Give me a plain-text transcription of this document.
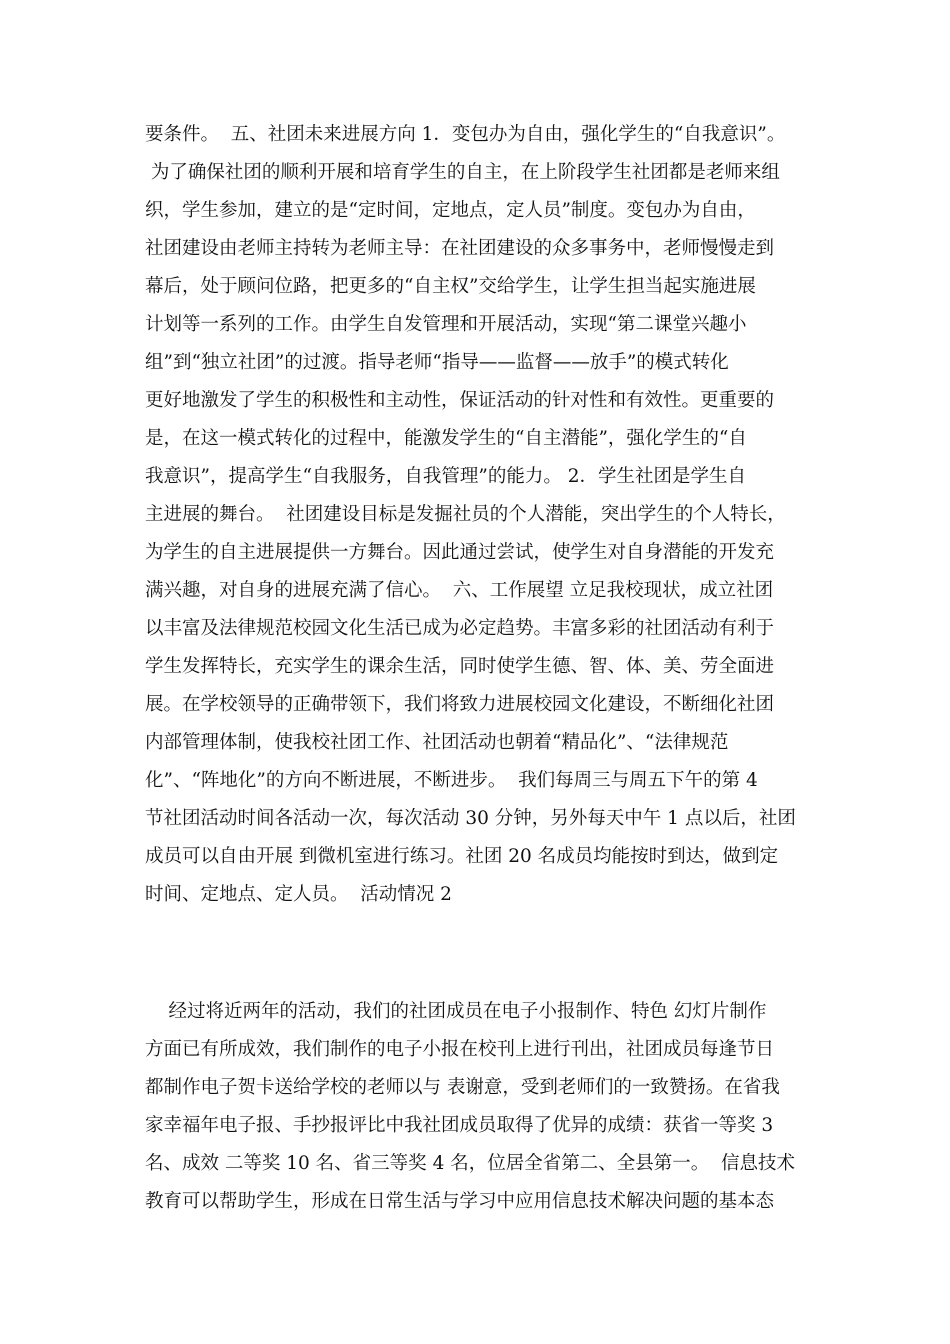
要条件。  五、社团未来进展方向 1．变包办为自由，强化学生的“自我意识”。
为了确保社团的顺利开展和培育学生的自主，在上阶段学生社团都是老师来组
织，学生参加，建立的是“定时间，定地点，定人员”制度。变包办为自由，
社团建设由老师主持转为老师主导：在社团建设的众多事务中，老师慢慢走到
幕后，处于顾问位路，把更多的“自主权”交给学生，让学生担当起实施进展
计划等一系列的工作。由学生自发管理和开展活动，实现“第二课堂兴趣小
组”到“独立社团”的过渡。指导老师“指导——监督——放手”的模式转化
更好地激发了学生的积极性和主动性，保证活动的针对性和有效性。更重要的
是，在这一模式转化的过程中，能激发学生的“自主潜能”，强化学生的“自
我意识”，提高学生“自我服务，自我管理”的能力。 2．学生社团是学生自
主进展的舞台。  社团建设目标是发掘社员的个人潜能，突出学生的个人特长，
为学生的自主进展提供一方舞台。因此通过尝试，使学生对自身潜能的开发充
满兴趣，对自身的进展充满了信心。  六、工作展望 立足我校现状，成立社团
以丰富及法律规范校园文化生活已成为必定趋势。丰富多彩的社团活动有利于
学生发挥特长，充实学生的课余生活，同时使学生德、智、体、美、劳全面进
展。在学校领导的正确带领下，我们将致力进展校园文化建设，不断细化社团
内部管理体制，使我校社团工作、社团活动也朝着“精品化”、“法律规范
化”、“阵地化”的方向不断进展，不断进步。  我们每周三与周五下午的第 4
节社团活动时间各活动一次，每次活动 30 分钟，另外每天中午 1 点以后，社团
成员可以自由开展 到微机室进行练习。社团 20 名成员均能按时到达，做到定
时间、定地点、定人员。  活动情况 2
经过将近两年的活动，我们的社团成员在电子小报制作、特色 幻灯片制作
方面已有所成效，我们制作的电子小报在校刊上进行刊出，社团成员每逢节日
都制作电子贺卡送给学校的老师以与 表谢意，受到老师们的一致赞扬。在省我
家幸福年电子报、手抄报评比中我社团成员取得了优异的成绩：获省一等奖 3
名、成效 二等奖 10 名、省三等奖 4 名，位居全省第二、全县第一。  信息技术
教育可以帮助学生，形成在日常生活与学习中应用信息技术解决问题的基本态
